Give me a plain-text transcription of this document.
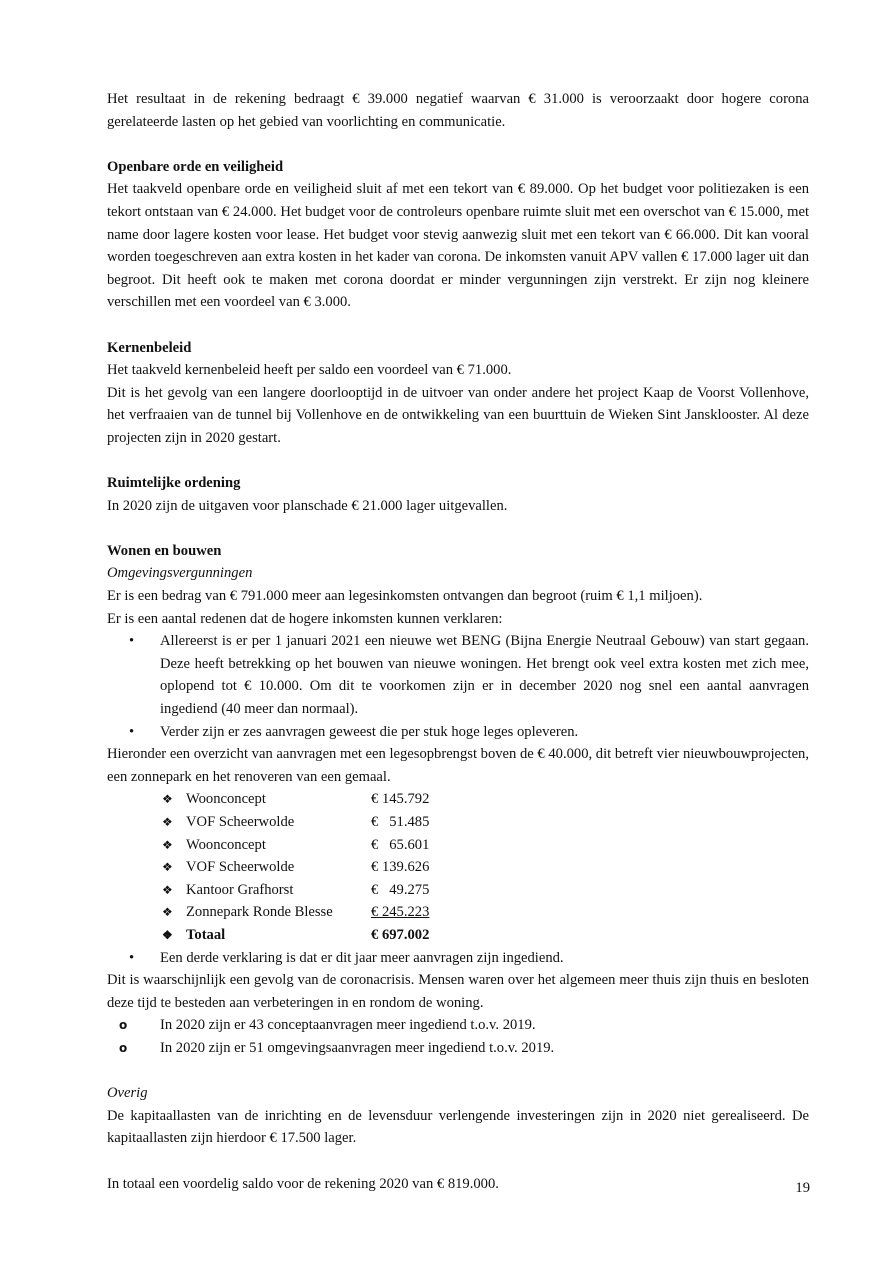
Het resultaat in de rekening bedraagt € 39.000 negatief waarvan € 31.000 is veroorzaakt door hogere corona gerelateerde lasten op het gebied van voorlichting en communicatie.

Openbare orde en veiligheid

Het taakveld openbare orde en veiligheid sluit af met een tekort van € 89.000. Op het budget voor politiezaken is een tekort ontstaan van € 24.000. Het budget voor de controleurs openbare ruimte sluit met een overschot van € 15.000, met name door lagere kosten voor lease. Het budget voor stevig aanwezig sluit met een tekort van € 66.000. Dit kan vooral worden toegeschreven aan extra kosten in het kader van corona. De inkomsten vanuit APV vallen € 17.000 lager uit dan begroot. Dit heeft ook te maken met corona doordat er minder vergunningen zijn verstrekt. Er zijn nog kleinere verschillen met een voordeel van € 3.000.

Kernenbeleid

Het taakveld kernenbeleid heeft per saldo een voordeel van € 71.000.

Dit is het gevolg van een langere doorlooptijd in de uitvoer van onder andere het project Kaap de Voorst Vollenhove, het verfraaien van de tunnel bij Vollenhove en de ontwikkeling van een buurttuin de Wieken Sint Jansklooster. Al deze projecten zijn in 2020 gestart.

Ruimtelijke ordening

In 2020 zijn de uitgaven voor planschade € 21.000 lager uitgevallen.

Wonen en bouwen

Omgevingsvergunningen

Er is een bedrag van € 791.000 meer aan legesinkomsten ontvangen dan begroot (ruim € 1,1 miljoen).

Er is een aantal redenen dat de hogere inkomsten kunnen verklaren:

• Allereerst is er per 1 januari 2021 een nieuwe wet BENG (Bijna Energie Neutraal Gebouw) van start gegaan. Deze heeft betrekking op het bouwen van nieuwe woningen. Het brengt ook veel extra kosten met zich mee, oplopend tot € 10.000. Om dit te voorkomen zijn er in december 2020 nog snel een aantal aanvragen ingediend (40 meer dan normaal).
• Verder zijn er zes aanvragen geweest die per stuk hoge leges opleveren.

Hieronder een overzicht van aanvragen met een legesopbrengst boven de € 40.000, dit betreft vier nieuwbouwprojecten, een zonnepark en het renoveren van een gemaal.

❖ Woonconcept	€ 145.792
❖ VOF Scheerwolde	€   51.485
❖ Woonconcept	€   65.601
❖ VOF Scheerwolde	€ 139.626
❖ Kantoor Grafhorst	€   49.275
❖ Zonnepark Ronde Blesse	€ 245.223
❖ Totaal	€ 697.002
• Een derde verklaring is dat er dit jaar meer aanvragen zijn ingediend.

Dit is waarschijnlijk een gevolg van de coronacrisis. Mensen waren over het algemeen meer thuis zijn thuis en besloten deze tijd te besteden aan verbeteringen in en rondom de woning.

o In 2020 zijn er 43 conceptaanvragen meer ingediend t.o.v. 2019.
o In 2020 zijn er 51 omgevingsaanvragen meer ingediend t.o.v. 2019.

Overig

De kapitaallasten van de inrichting en de levensduur verlengende investeringen zijn in 2020 niet gerealiseerd. De kapitaallasten zijn hierdoor € 17.500 lager.

In totaal een voordelig saldo voor de rekening 2020 van € 819.000.	19
